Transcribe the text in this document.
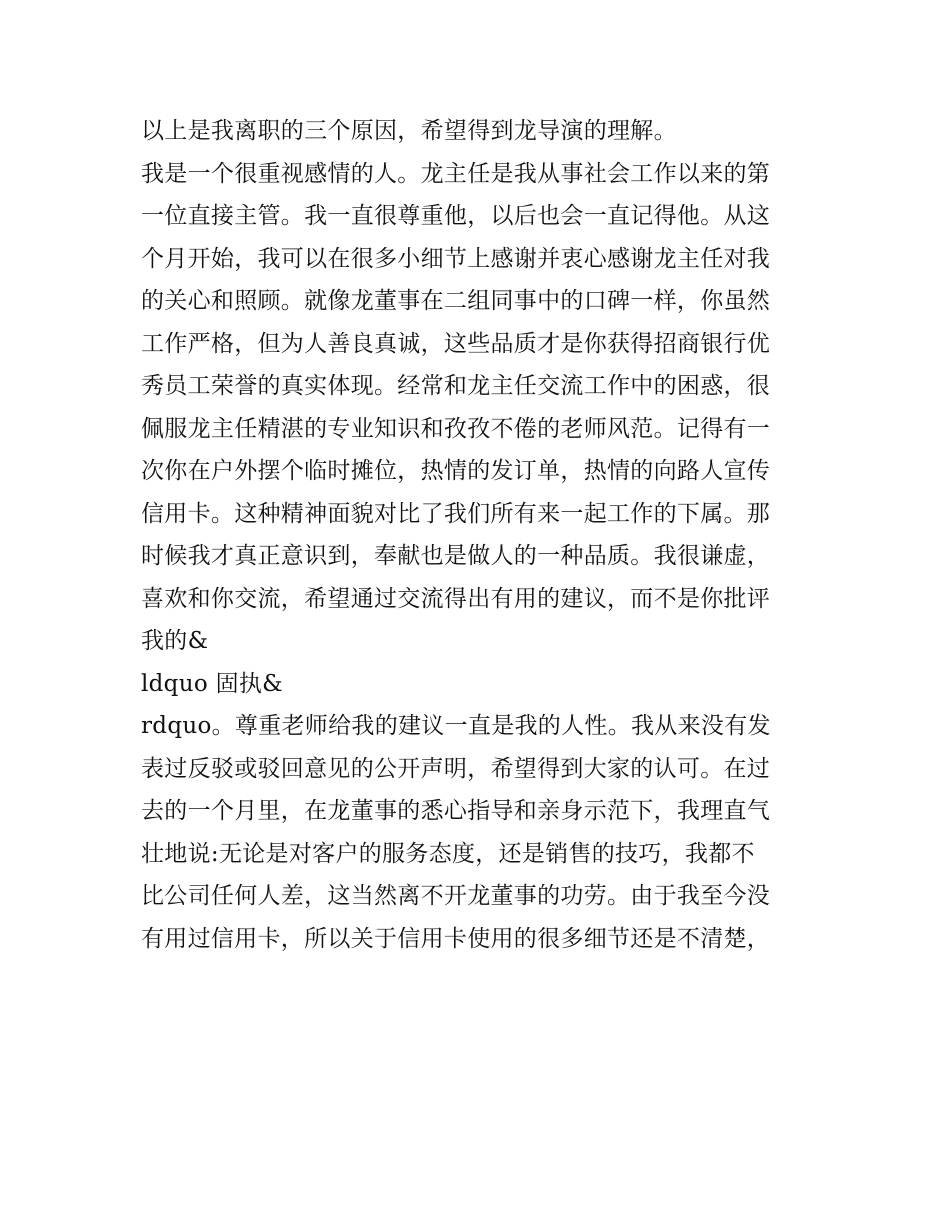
以上是我离职的三个原因，希望得到龙导演的理解。
我是一个很重视感情的人。龙主任是我从事社会工作以来的第
一位直接主管。我一直很尊重他，以后也会一直记得他。从这
个月开始，我可以在很多小细节上感谢并衷心感谢龙主任对我
的关心和照顾。就像龙董事在二组同事中的口碑一样，你虽然
工作严格，但为人善良真诚，这些品质才是你获得招商银行优
秀员工荣誉的真实体现。经常和龙主任交流工作中的困惑，很
佩服龙主任精湛的专业知识和孜孜不倦的老师风范。记得有一
次你在户外摆个临时摊位，热情的发订单，热情的向路人宣传
信用卡。这种精神面貌对比了我们所有来一起工作的下属。那
时候我才真正意识到，奉献也是做人的一种品质。我很谦虚，
喜欢和你交流，希望通过交流得出有用的建议，而不是你批评
我的&
ldquo 固执&
rdquo。尊重老师给我的建议一直是我的人性。我从来没有发
表过反驳或驳回意见的公开声明，希望得到大家的认可。在过
去的一个月里，在龙董事的悉心指导和亲身示范下，我理直气
壮地说:无论是对客户的服务态度，还是销售的技巧，我都不
比公司任何人差，这当然离不开龙董事的功劳。由于我至今没
有用过信用卡，所以关于信用卡使用的很多细节还是不清楚，
